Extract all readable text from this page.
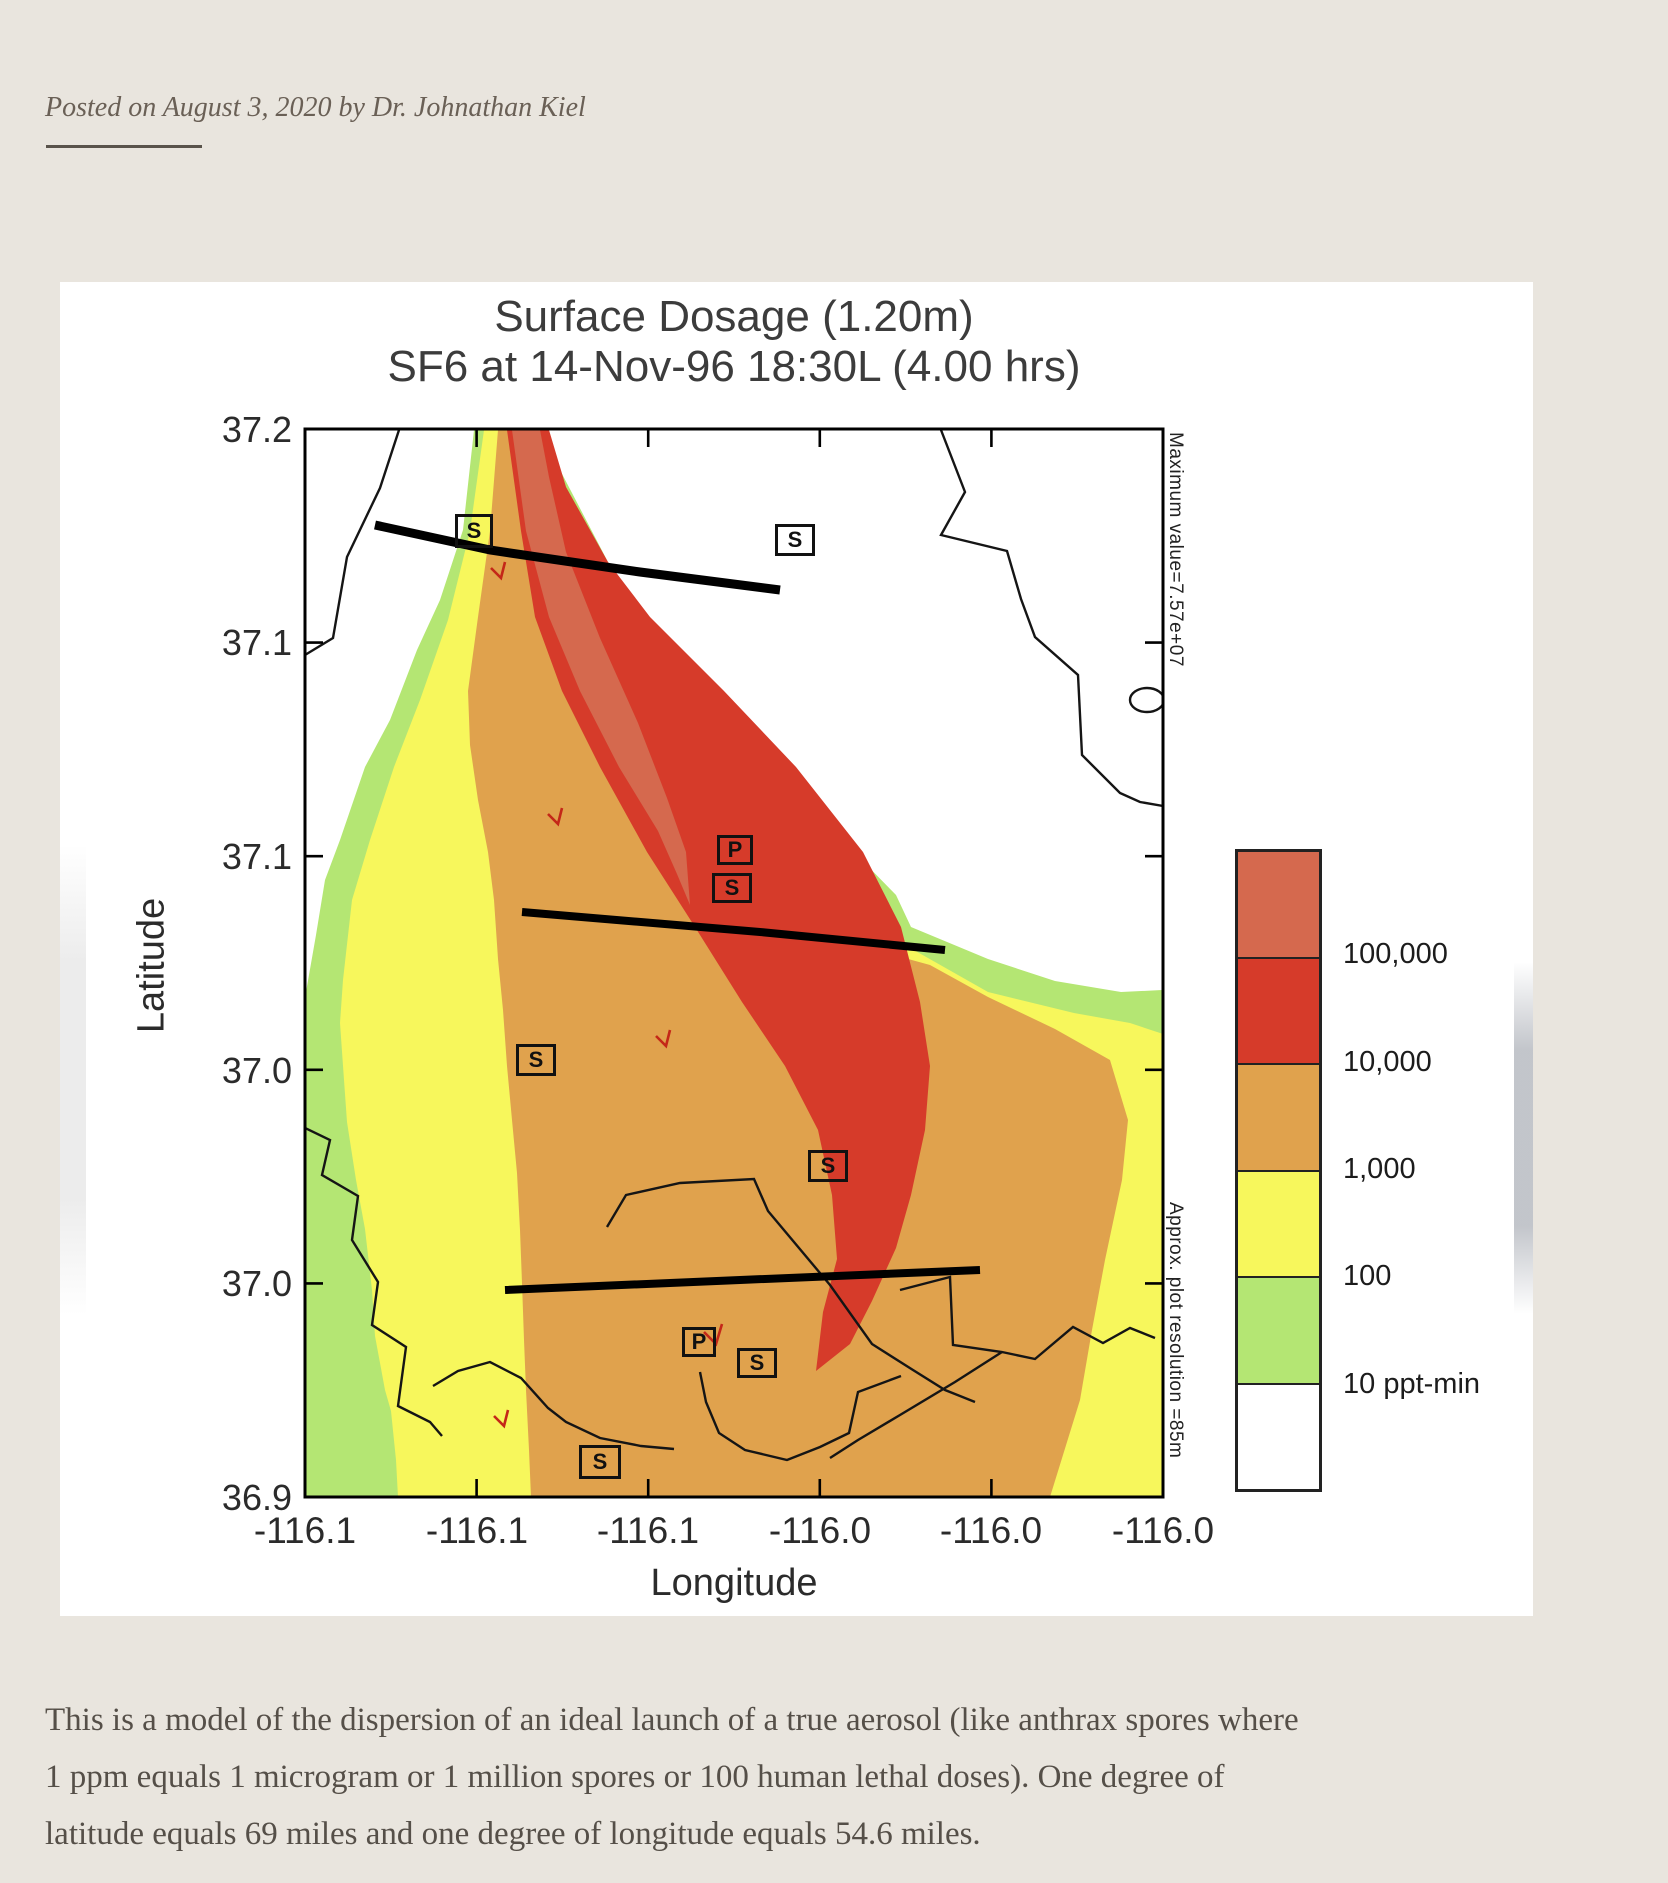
Posted on August 3, 2020 by Dr. Johnathan Kiel
Surface Dosage (1.20m)
SF6 at 14-Nov-96 18:30L (4.00 hrs)
S	S
P
S
S
S
P
S
S
37.2
37.1
37.1
37.0
37.0
36.9
-116.1	-116.1	-116.1	-116.0	-116.0	-116.0
Latitude
Longitude
Maximum value=7.57e+07
Approx. plot resolution =85m
100,000
10,000
1,000
100
10 ppt-min
This is a model of the dispersion of an ideal launch of a true aerosol (like anthrax spores where
1 ppm equals 1 microgram or 1 million spores or 100 human lethal doses). One degree of
latitude equals 69 miles and one degree of longitude equals 54.6 miles.
